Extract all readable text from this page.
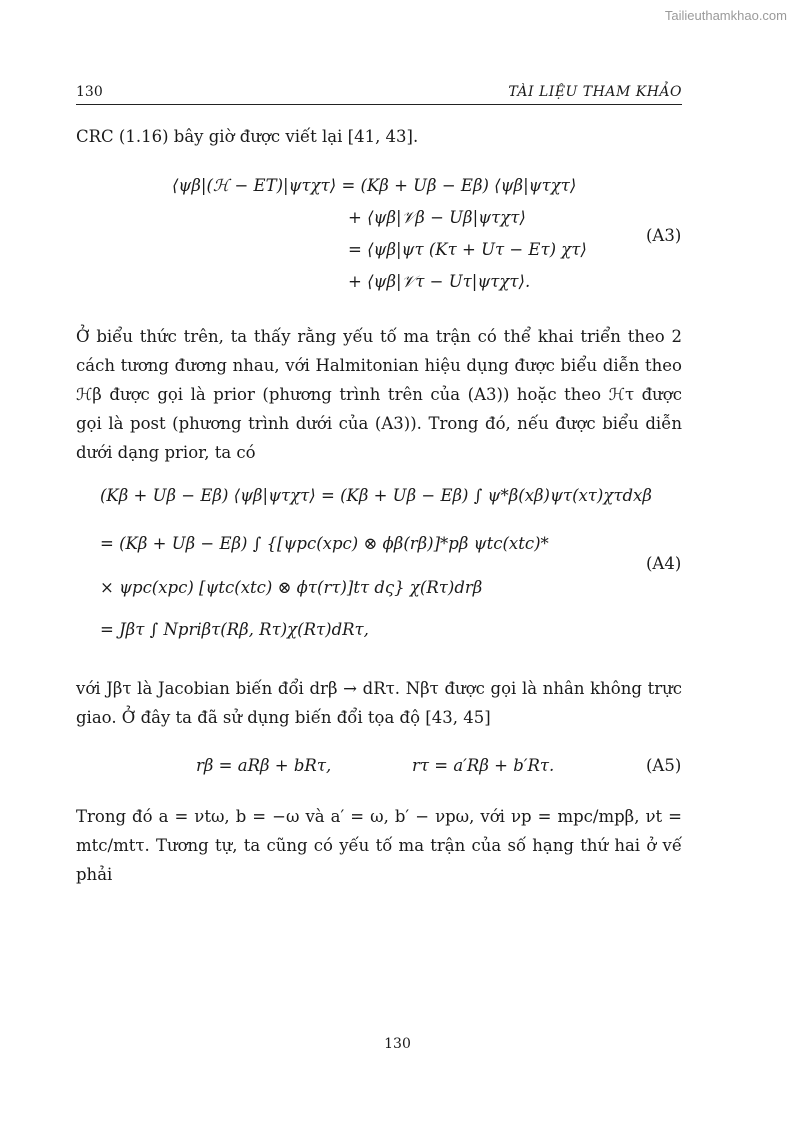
Tailieuthamkhao.com
130	TÀI LIỆU THAM KHẢO
CRC (1.16) bây giờ được viết lại [41, 43].
⟨ψβ|(ℋ − ET)|ψτχτ⟩ = (Kβ + Uβ − Eβ) ⟨ψβ|ψτχτ⟩
+ ⟨ψβ|𝒱β − Uβ|ψτχτ⟩
= ⟨ψβ|ψτ (Kτ + Uτ − Eτ) χτ⟩
+ ⟨ψβ|𝒱τ − Uτ|ψτχτ⟩.
(A3)
Ở biểu thức trên, ta thấy rằng yếu tố ma trận có thể khai triển theo 2 cách tương đương nhau, với Halmitonian hiệu dụng được biểu diễn theo ℋβ được gọi là prior (phương trình trên của (A3)) hoặc theo ℋτ được gọi là post (phương trình dưới của (A3)). Trong đó, nếu được biểu diễn dưới dạng prior, ta có
(Kβ + Uβ − Eβ) ⟨ψβ|ψτχτ⟩ = (Kβ + Uβ − Eβ) ∫ ψ*β(xβ)ψτ(xτ)χτdxβ
= (Kβ + Uβ − Eβ) ∫ {[ψpc(xpc) ⊗ ϕβ(rβ)]*pβ ψtc(xtc)*
× ψpc(xpc) [ψtc(xtc) ⊗ ϕτ(rτ)]tτ dς} χ(Rτ)drβ
= Jβτ ∫ Npriβτ(Rβ, Rτ)χ(Rτ)dRτ,
(A4)
với Jβτ là Jacobian biến đổi drβ → dRτ. Nβτ được gọi là nhân không trực giao. Ở đây ta đã sử dụng biến đổi tọa độ [43, 45]
rβ = aRβ + bRτ,	rτ = a′Rβ + b′Rτ.	(A5)
Trong đó a = νtω, b = −ω và a′ = ω, b′ − νpω, với νp = mpc/mpβ, νt = mtc/mtτ. Tương tự, ta cũng có yếu tố ma trận của số hạng thứ hai ở vế phải
130
